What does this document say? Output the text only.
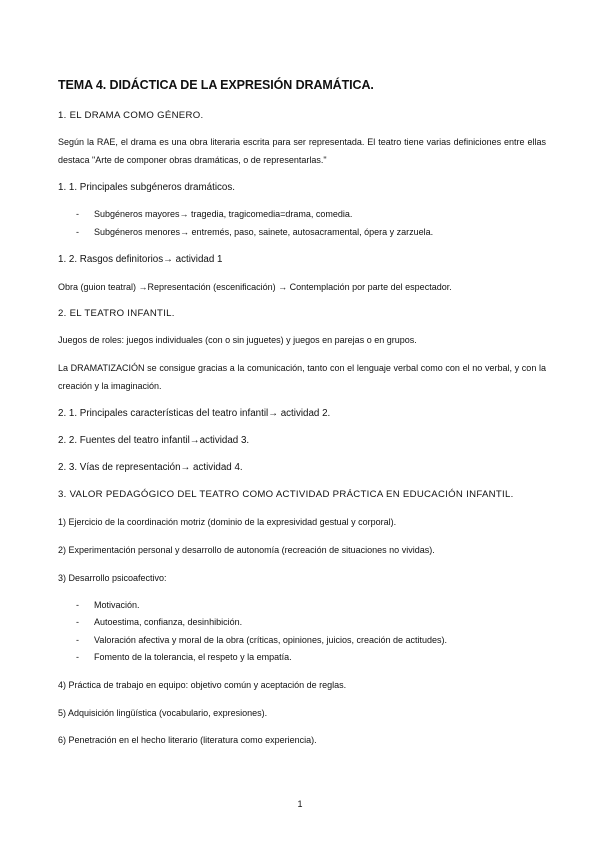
TEMA 4. DIDÁCTICA DE LA EXPRESIÓN DRAMÁTICA.
1. EL DRAMA COMO GÉNERO.
Según la RAE, el drama es una obra literaria escrita para ser representada. El teatro tiene varias definiciones entre ellas destaca "Arte de componer obras dramáticas, o de representarlas."
1. 1. Principales subgéneros dramáticos.
- Subgéneros mayores→ tragedia, tragicomedia=drama, comedia.
- Subgéneros menores→ entremés, paso, sainete, autosacramental, ópera y zarzuela.
1. 2. Rasgos definitorios→ actividad 1
Obra (guion teatral) →Representación (escenificación) → Contemplación por parte del espectador.
2. EL TEATRO INFANTIL.
Juegos de roles: juegos individuales (con o sin juguetes) y juegos en parejas o en grupos.
La DRAMATIZACIÓN se consigue gracias a la comunicación, tanto con el lenguaje verbal como con el no verbal, y con la creación y la imaginación.
2. 1. Principales características del teatro infantil→ actividad 2.
2. 2. Fuentes del teatro infantil→actividad 3.
2. 3. Vías de representación→ actividad 4.
3. VALOR PEDAGÓGICO DEL TEATRO COMO ACTIVIDAD PRÁCTICA EN EDUCACIÓN INFANTIL.
1) Ejercicio de la coordinación motriz (dominio de la expresividad gestual y corporal).
2) Experimentación personal y desarrollo de autonomía (recreación de situaciones no vividas).
3) Desarrollo psicoafectivo:
- Motivación.
- Autoestima, confianza, desinhibición.
- Valoración afectiva y moral de la obra (críticas, opiniones, juicios, creación de actitudes).
- Fomento de la tolerancia, el respeto y la empatía.
4) Práctica de trabajo en equipo: objetivo común y aceptación de reglas.
5) Adquisición lingüística (vocabulario, expresiones).
6) Penetración en el hecho literario (literatura como experiencia).
1
